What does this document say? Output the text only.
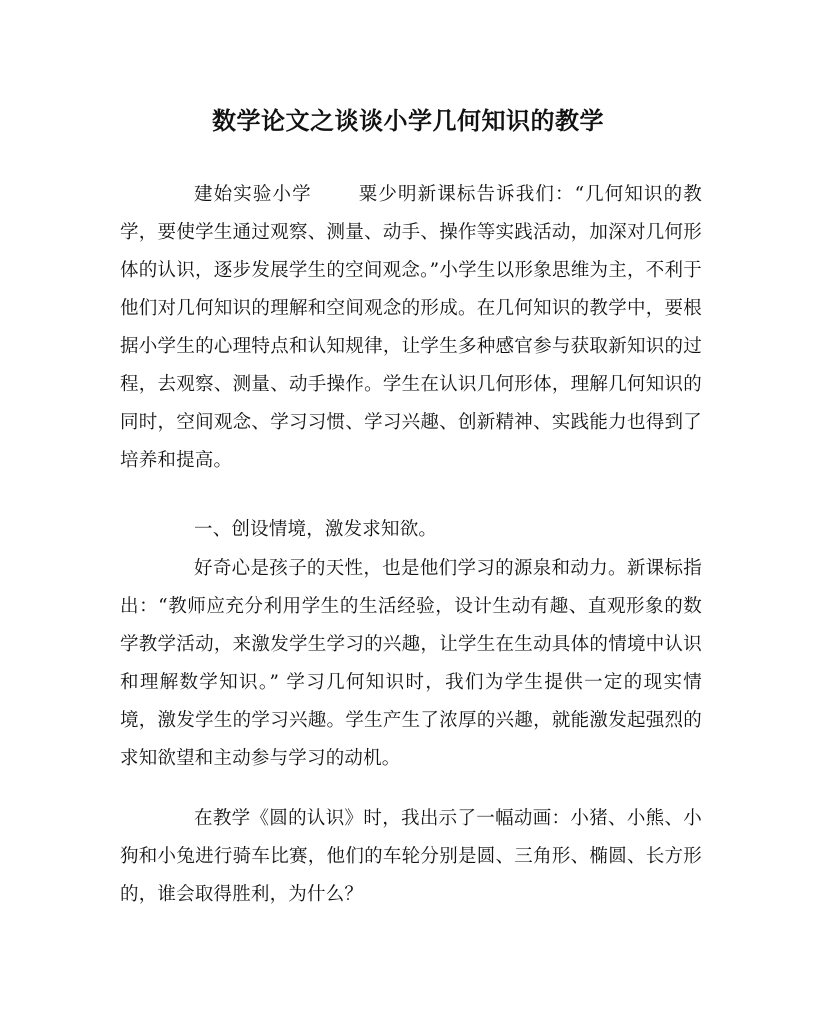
数学论文之谈谈小学几何知识的教学

建始实验小学 粟少明新课标告诉我们：“几何知识的教学，要使学生通过观察、测量、动手、操作等实践活动，加深对几何形体的认识，逐步发展学生的空间观念。”小学生以形象思维为主，不利于他们对几何知识的理解和空间观念的形成。在几何知识的教学中，要根据小学生的心理特点和认知规律，让学生多种感官参与获取新知识的过程，去观察、测量、动手操作。学生在认识几何形体，理解几何知识的同时，空间观念、学习习惯、学习兴趣、创新精神、实践能力也得到了培养和提高。

一、创设情境，激发求知欲。

好奇心是孩子的天性，也是他们学习的源泉和动力。新课标指出：“教师应充分利用学生的生活经验，设计生动有趣、直观形象的数学教学活动，来激发学生学习的兴趣，让学生在生动具体的情境中认识和理解数学知识。” 学习几何知识时，我们为学生提供一定的现实情境，激发学生的学习兴趣。学生产生了浓厚的兴趣，就能激发起强烈的求知欲望和主动参与学习的动机。

在教学《圆的认识》时，我出示了一幅动画：小猪、小熊、小狗和小兔进行骑车比赛，他们的车轮分别是圆、三角形、椭圆、长方形的，谁会取得胜利，为什么？
